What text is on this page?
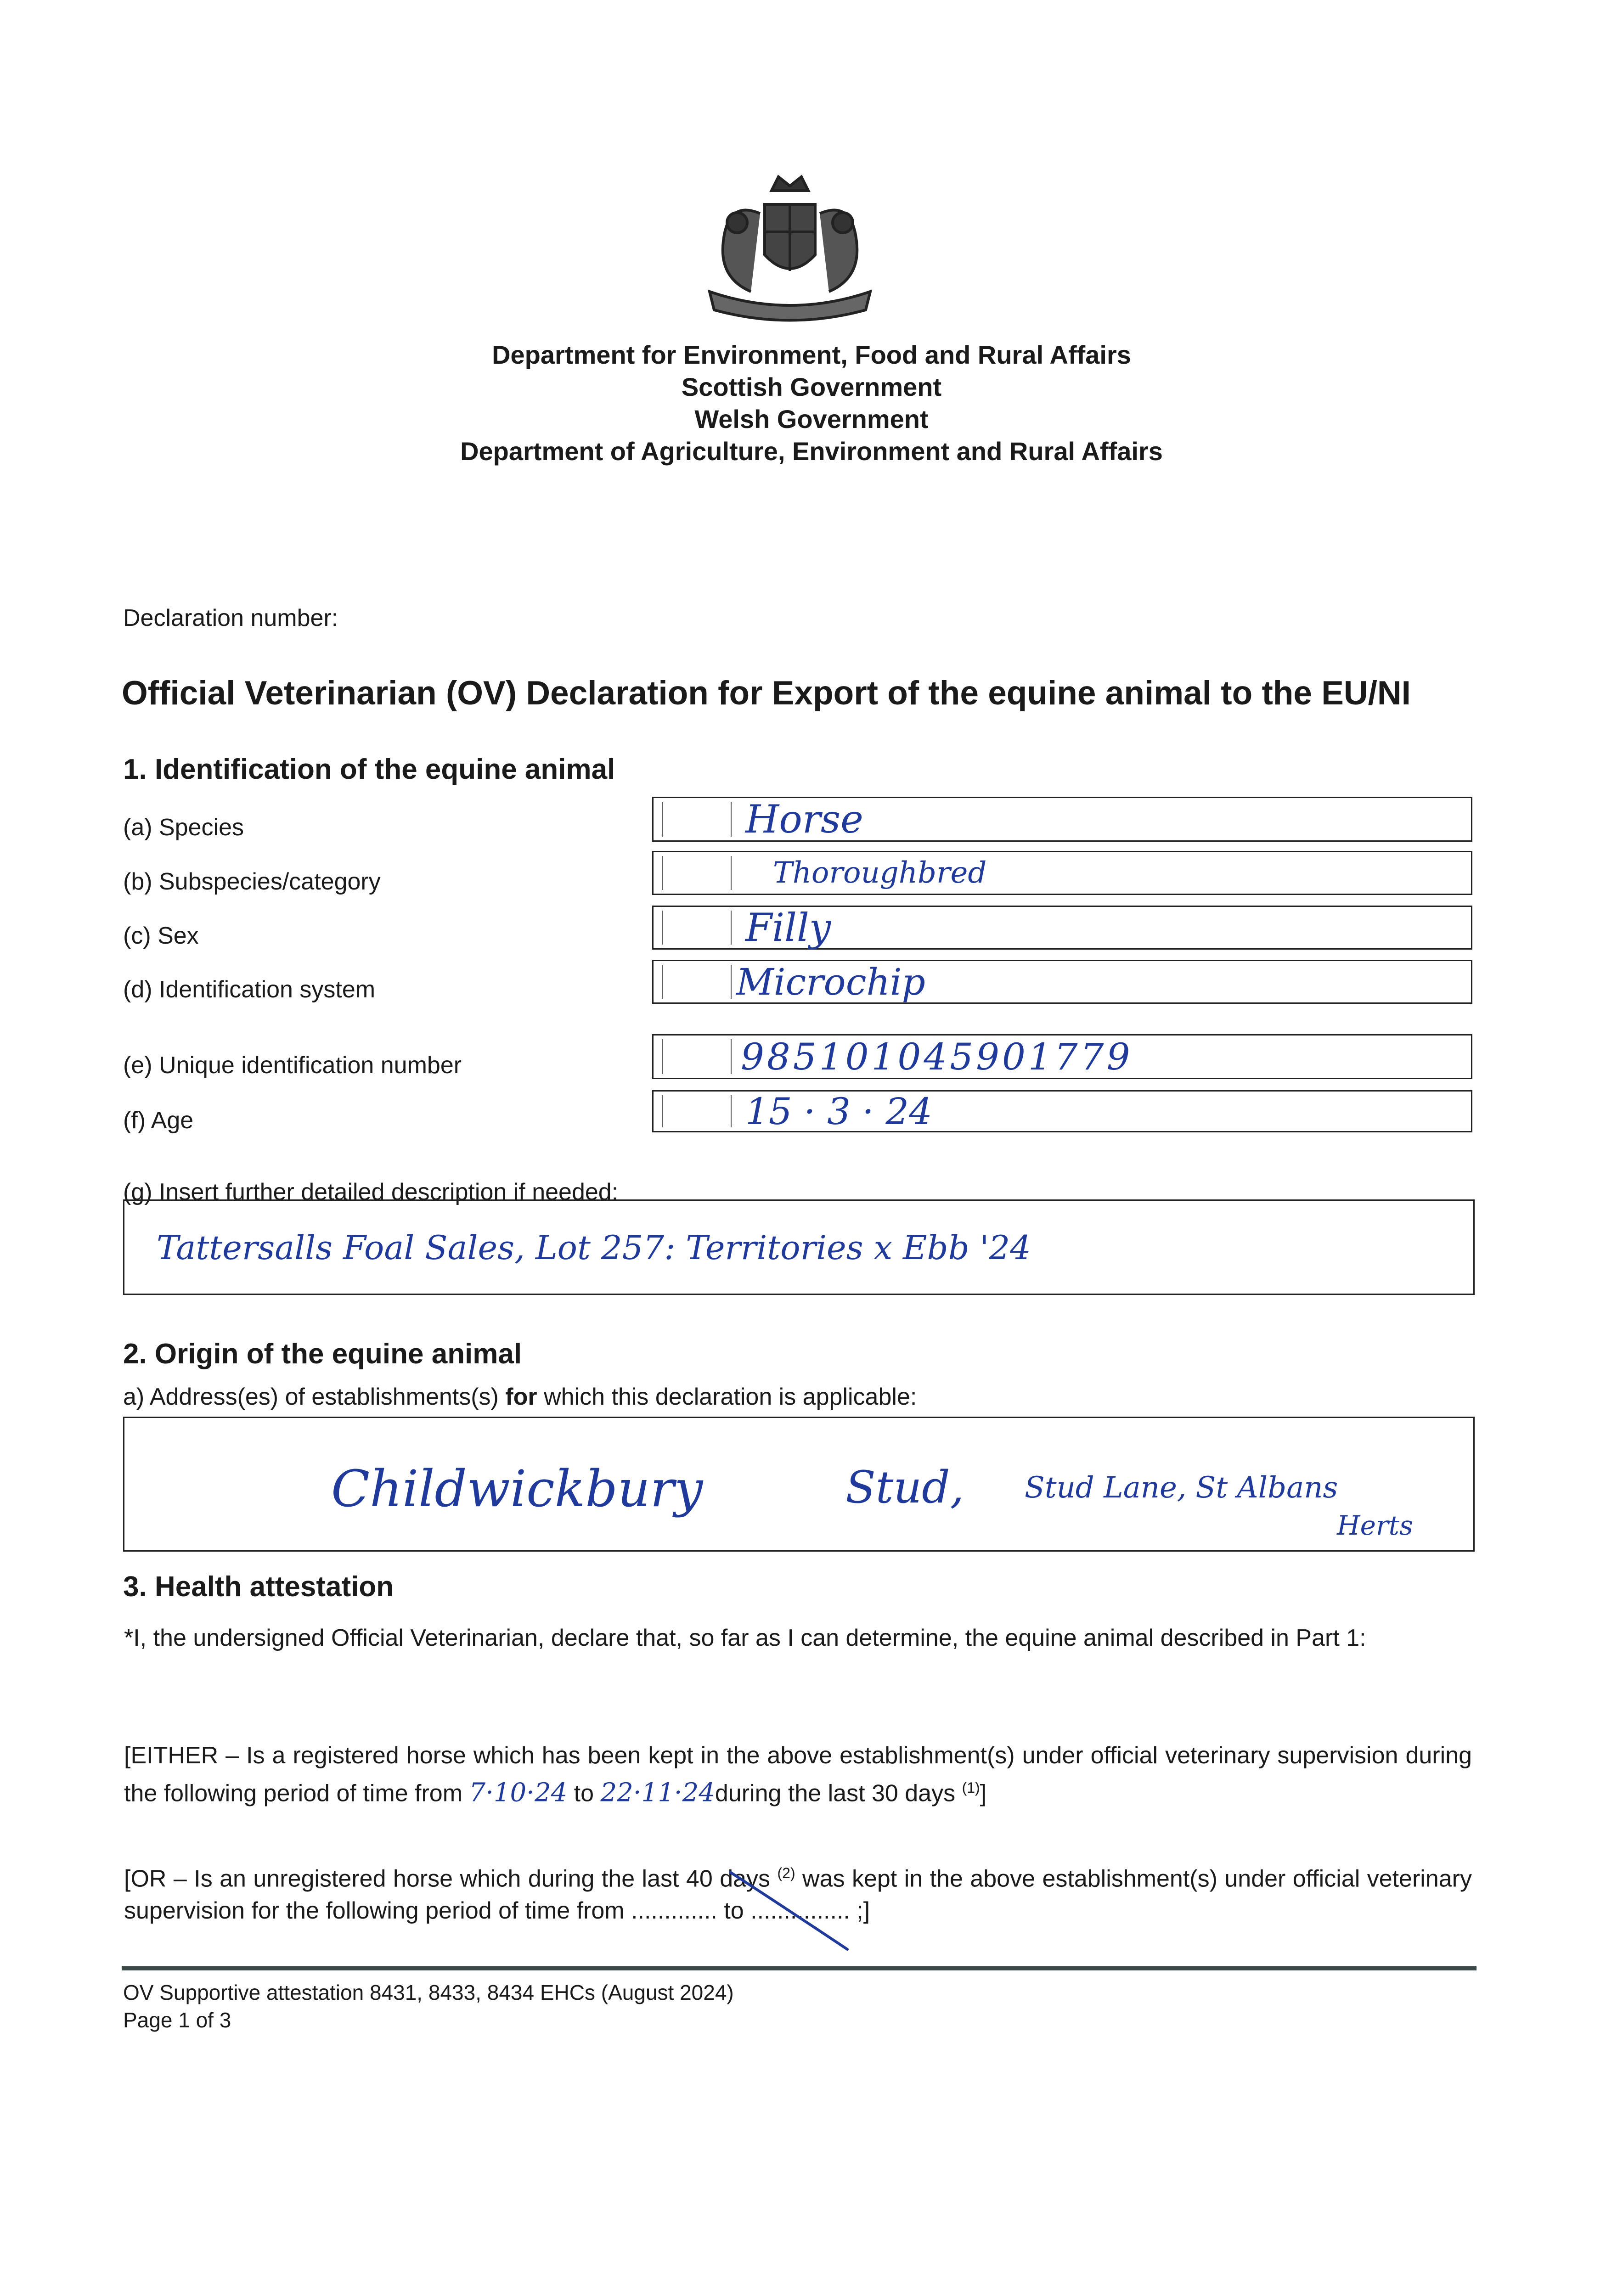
Department for Environment, Food and Rural Affairs
Scottish Government
Welsh Government
Department of Agriculture, Environment and Rural Affairs
Declaration number:
Official Veterinarian (OV) Declaration for Export of the equine animal to the EU/NI
1. Identification of the equine animal
(a) Species	Horse
(b) Subspecies/category	Thoroughbred
(c) Sex	Filly
(d) Identification system	Microchip
(e) Unique identification number	985101045901779
(f) Age	15 · 3 · 24
(g) Insert further detailed description if needed:
Tattersalls Foal Sales, Lot 257: Territories x Ebb '24
2. Origin of the equine animal
a) Address(es) of establishments(s) for which this declaration is applicable:
Childwickbury	Stud, Stud Lane, St Albans
Herts
3. Health attestation
*I, the undersigned Official Veterinarian, declare that, so far as I can determine, the equine animal described in Part 1:
[EITHER – Is a registered horse which has been kept in the above establishment(s) under official veterinary supervision during the following period of time from 7·10·24 to 22·11·24during the last 30 days $^{(1)}$]
[OR – Is an unregistered horse which during the last 40 days $^{(2)}$ was kept in the above establishment(s) under official veterinary supervision for the following period of time from ............. to ............... ;]
OV Supportive attestation 8431, 8433, 8434 EHCs (August 2024)
Page 1 of 3
